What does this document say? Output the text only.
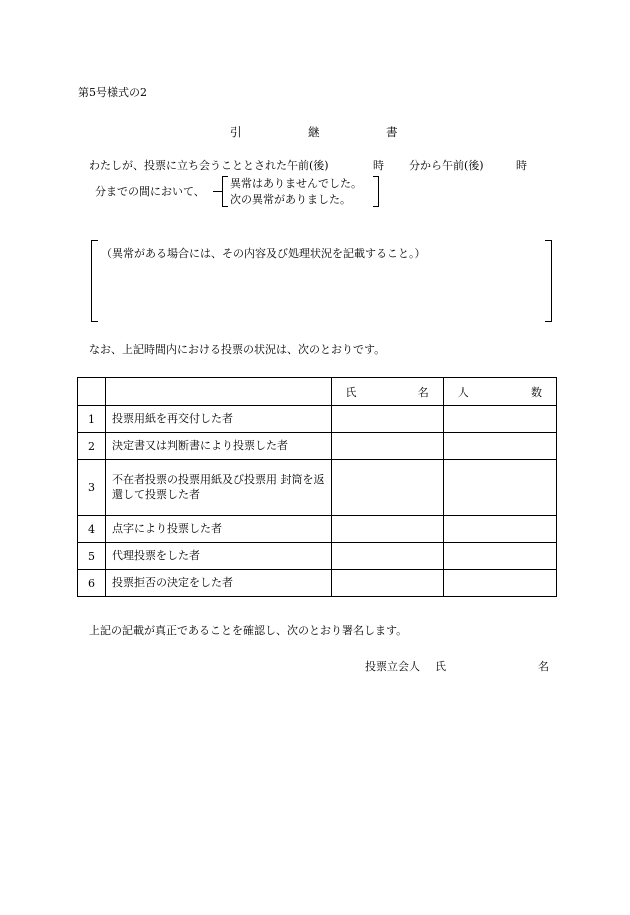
第5号様式の2
引	継	書
わたしが、投票に立ち会うこととされた午前(後)	時 分から午前(後)	時
分までの間において、
異常はありませんでした。
次の異常がありました。
（異常がある場合には、その内容及び処理状況を記載すること。）
なお、上記時間内における投票の状況は、次のとおりです。

		氏 名	人 数

1	投票用紙を再交付した者		
2	決定書又は判断書により投票した者		
3	不在者投票の投票用紙及び投票用 封筒を返還して投票した者		
4	点字により投票した者		
5	代理投票をした者		
6	投票拒否の決定をした者		
上記の記載が真正であることを確認し、次のとおり署名します。
投票立会人 氏	名
